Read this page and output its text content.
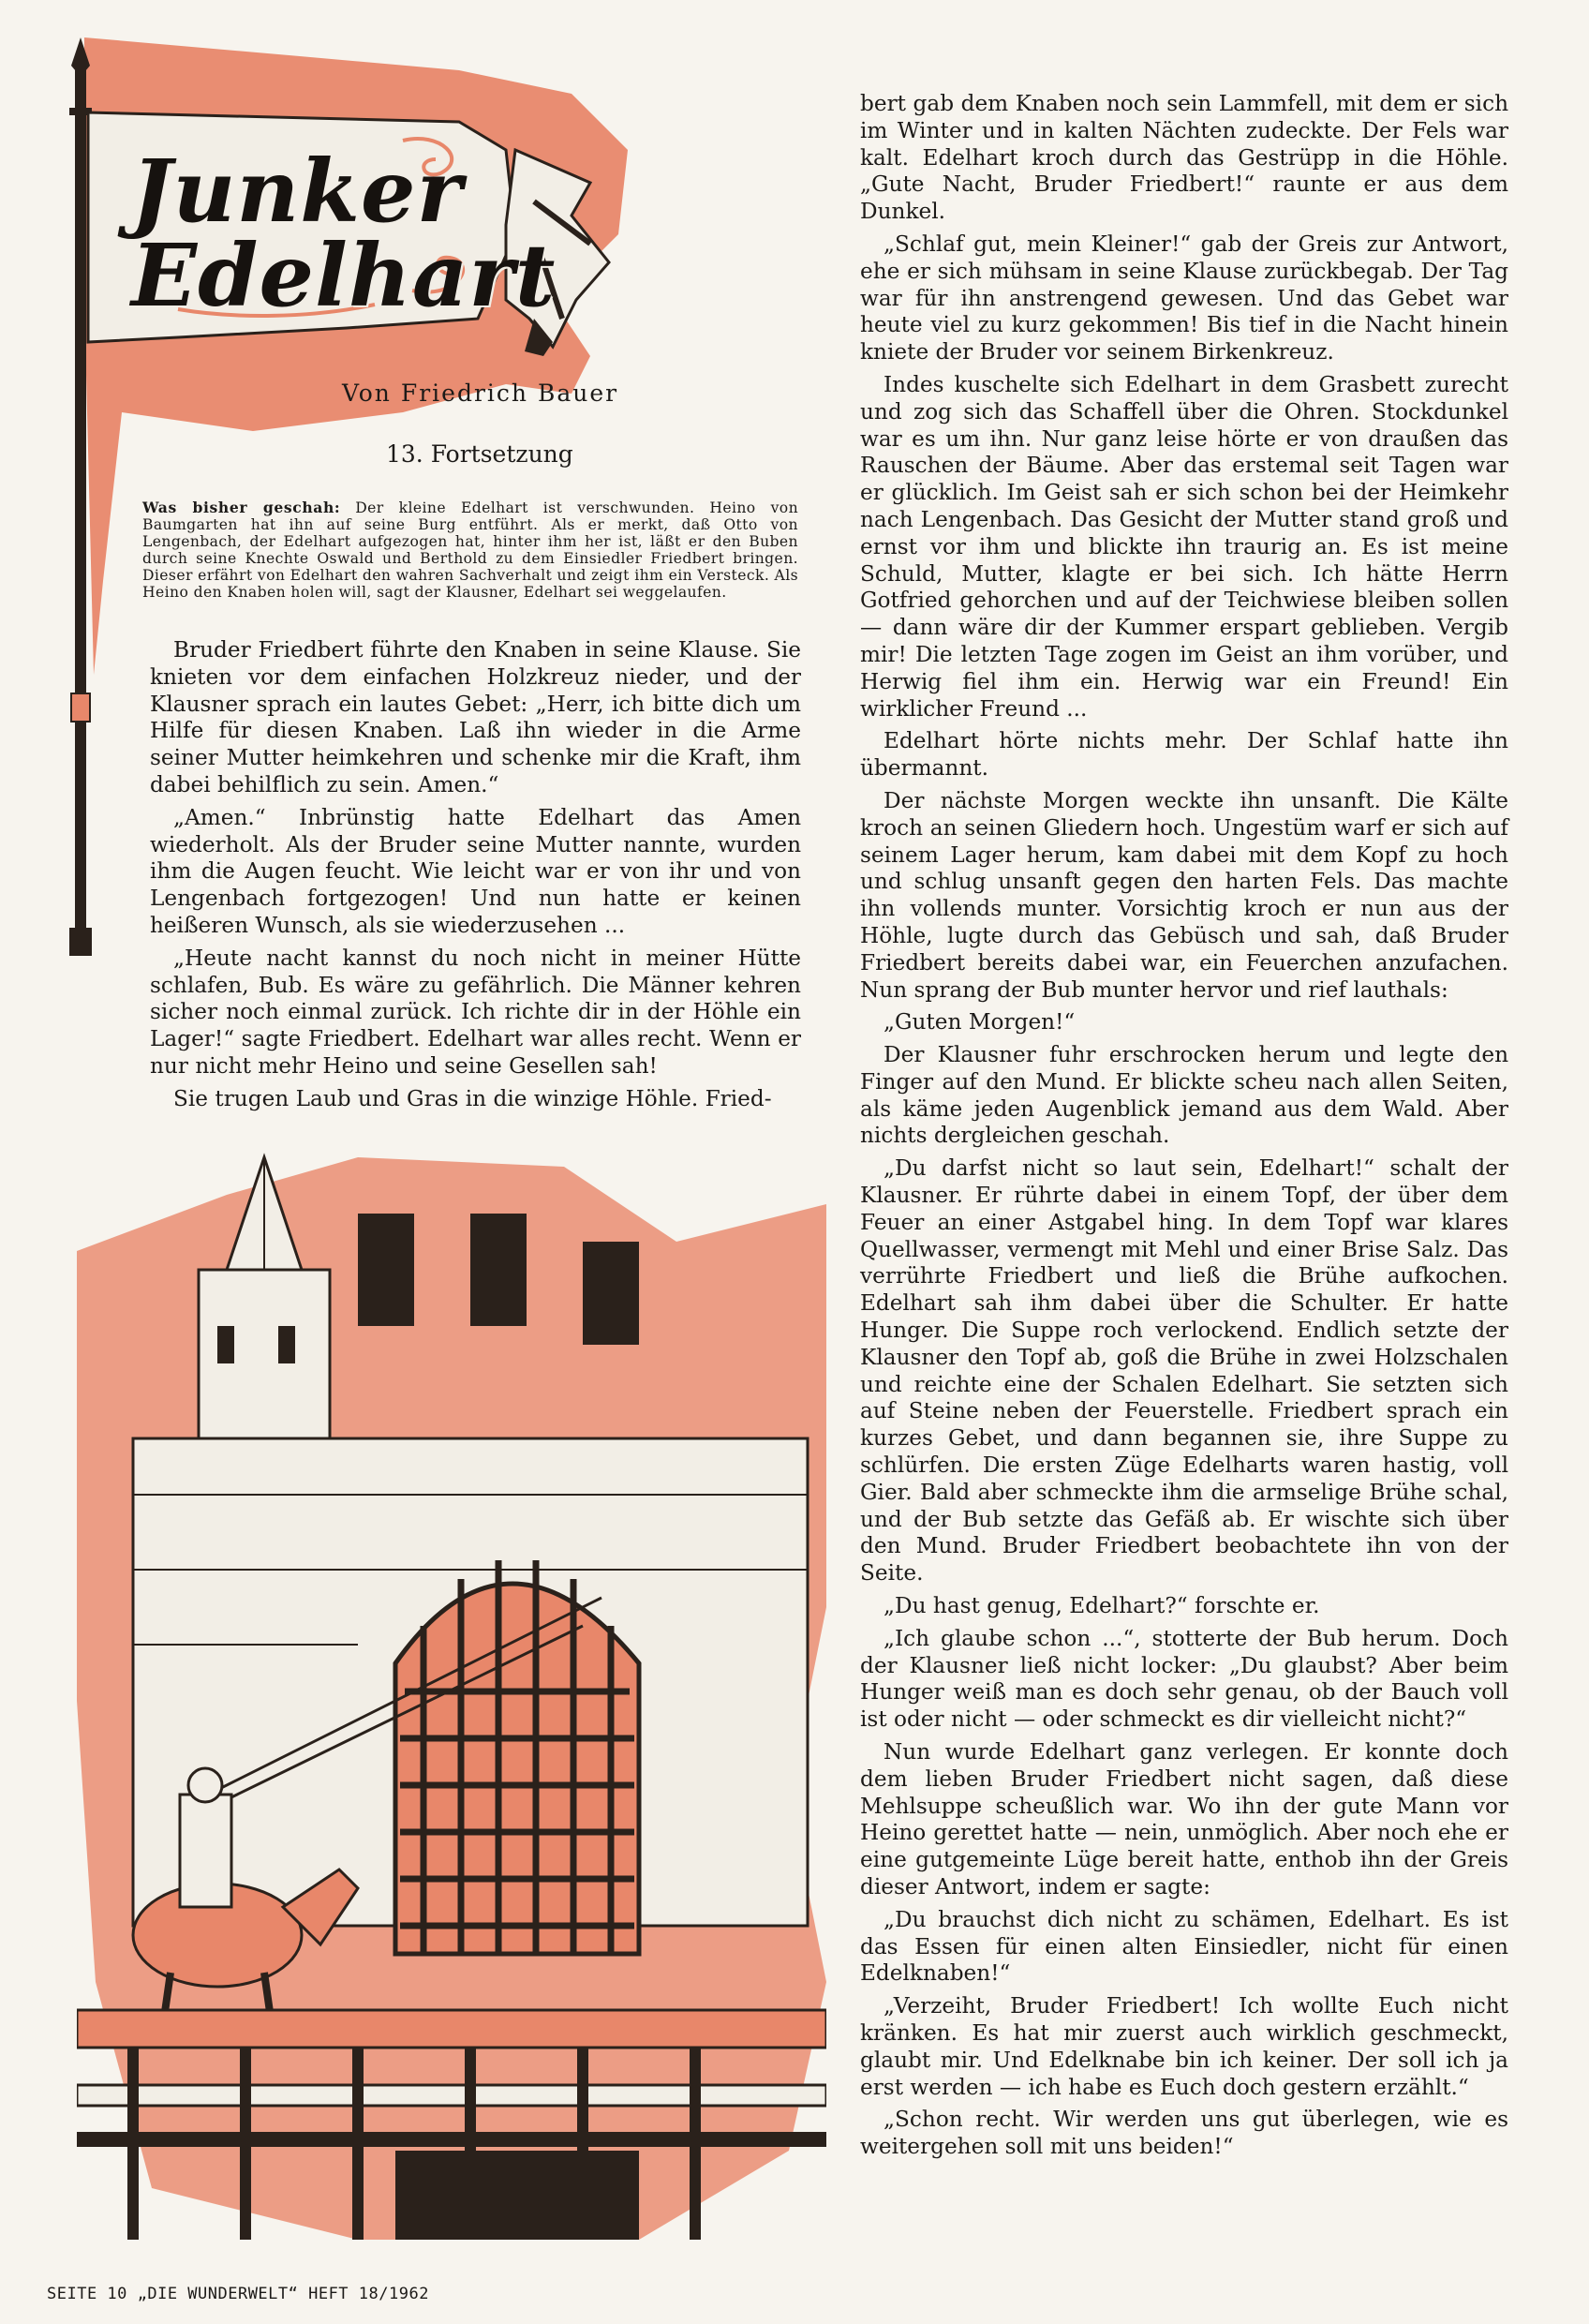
Junker
Edelhart
Von Friedrich Bauer
13. Fortsetzung
Was bisher geschah: Der kleine Edelhart ist verschwunden. Heino von Baumgarten hat ihn auf seine Burg entführt. Als er merkt, daß Otto von Lengenbach, der Edelhart aufgezogen hat, hinter ihm her ist, läßt er den Buben durch seine Knechte Oswald und Berthold zu dem Einsiedler Friedbert bringen. Dieser erfährt von Edelhart den wahren Sachverhalt und zeigt ihm ein Versteck. Als Heino den Knaben holen will, sagt der Klausner, Edelhart sei weggelaufen.

Bruder Friedbert führte den Knaben in seine Klause. Sie knieten vor dem einfachen Holzkreuz nieder, und der Klausner sprach ein lautes Gebet: „Herr, ich bitte dich um Hilfe für diesen Knaben. Laß ihn wieder in die Arme seiner Mutter heimkehren und schenke mir die Kraft, ihm dabei behilflich zu sein. Amen.“

„Amen.“ Inbrünstig hatte Edelhart das Amen wiederholt. Als der Bruder seine Mutter nannte, wurden ihm die Augen feucht. Wie leicht war er von ihr und von Lengenbach fortgezogen! Und nun hatte er keinen heißeren Wunsch, als sie wiederzusehen ...

„Heute nacht kannst du noch nicht in meiner Hütte schlafen, Bub. Es wäre zu gefährlich. Die Männer kehren sicher noch einmal zurück. Ich richte dir in der Höhle ein Lager!“ sagte Friedbert. Edelhart war alles recht. Wenn er nur nicht mehr Heino und seine Gesellen sah!

Sie trugen Laub und Gras in die winzige Höhle. Fried-

bert gab dem Knaben noch sein Lammfell, mit dem er sich im Winter und in kalten Nächten zudeckte. Der Fels war kalt. Edelhart kroch durch das Gestrüpp in die Höhle. „Gute Nacht, Bruder Friedbert!“ raunte er aus dem Dunkel.

„Schlaf gut, mein Kleiner!“ gab der Greis zur Antwort, ehe er sich mühsam in seine Klause zurückbegab. Der Tag war für ihn anstrengend gewesen. Und das Gebet war heute viel zu kurz gekommen! Bis tief in die Nacht hinein kniete der Bruder vor seinem Birkenkreuz.

Indes kuschelte sich Edelhart in dem Grasbett zurecht und zog sich das Schaffell über die Ohren. Stockdunkel war es um ihn. Nur ganz leise hörte er von draußen das Rauschen der Bäume. Aber das erstemal seit Tagen war er glücklich. Im Geist sah er sich schon bei der Heimkehr nach Lengenbach. Das Gesicht der Mutter stand groß und ernst vor ihm und blickte ihn traurig an. Es ist meine Schuld, Mutter, klagte er bei sich. Ich hätte Herrn Gotfried gehorchen und auf der Teichwiese bleiben sollen — dann wäre dir der Kummer erspart geblieben. Vergib mir! Die letzten Tage zogen im Geist an ihm vorüber, und Herwig fiel ihm ein. Herwig war ein Freund! Ein wirklicher Freund ...

Edelhart hörte nichts mehr. Der Schlaf hatte ihn übermannt.

Der nächste Morgen weckte ihn unsanft. Die Kälte kroch an seinen Gliedern hoch. Ungestüm warf er sich auf seinem Lager herum, kam dabei mit dem Kopf zu hoch und schlug unsanft gegen den harten Fels. Das machte ihn vollends munter. Vorsichtig kroch er nun aus der Höhle, lugte durch das Gebüsch und sah, daß Bruder Friedbert bereits dabei war, ein Feuerchen anzufachen. Nun sprang der Bub munter hervor und rief lauthals:

„Guten Morgen!“

Der Klausner fuhr erschrocken herum und legte den Finger auf den Mund. Er blickte scheu nach allen Seiten, als käme jeden Augenblick jemand aus dem Wald. Aber nichts dergleichen geschah.

„Du darfst nicht so laut sein, Edelhart!“ schalt der Klausner. Er rührte dabei in einem Topf, der über dem Feuer an einer Astgabel hing. In dem Topf war klares Quellwasser, vermengt mit Mehl und einer Brise Salz. Das verrührte Friedbert und ließ die Brühe aufkochen. Edelhart sah ihm dabei über die Schulter. Er hatte Hunger. Die Suppe roch verlockend. Endlich setzte der Klausner den Topf ab, goß die Brühe in zwei Holzschalen und reichte eine der Schalen Edelhart. Sie setzten sich auf Steine neben der Feuerstelle. Friedbert sprach ein kurzes Gebet, und dann begannen sie, ihre Suppe zu schlürfen. Die ersten Züge Edelharts waren hastig, voll Gier. Bald aber schmeckte ihm die armselige Brühe schal, und der Bub setzte das Gefäß ab. Er wischte sich über den Mund. Bruder Friedbert beobachtete ihn von der Seite.

„Du hast genug, Edelhart?“ forschte er.

„Ich glaube schon ...“, stotterte der Bub herum. Doch der Klausner ließ nicht locker: „Du glaubst? Aber beim Hunger weiß man es doch sehr genau, ob der Bauch voll ist oder nicht — oder schmeckt es dir vielleicht nicht?“

Nun wurde Edelhart ganz verlegen. Er konnte doch dem lieben Bruder Friedbert nicht sagen, daß diese Mehlsuppe scheußlich war. Wo ihn der gute Mann vor Heino gerettet hatte — nein, unmöglich. Aber noch ehe er eine gutgemeinte Lüge bereit hatte, enthob ihn der Greis dieser Antwort, indem er sagte:

„Du brauchst dich nicht zu schämen, Edelhart. Es ist das Essen für einen alten Einsiedler, nicht für einen Edelknaben!“

„Verzeiht, Bruder Friedbert! Ich wollte Euch nicht kränken. Es hat mir zuerst auch wirklich geschmeckt, glaubt mir. Und Edelknabe bin ich keiner. Der soll ich ja erst werden — ich habe es Euch doch gestern erzählt.“

„Schon recht. Wir werden uns gut überlegen, wie es weitergehen soll mit uns beiden!“

SEITE 10 „DIE WUNDERWELT“ HEFT 18/1962
